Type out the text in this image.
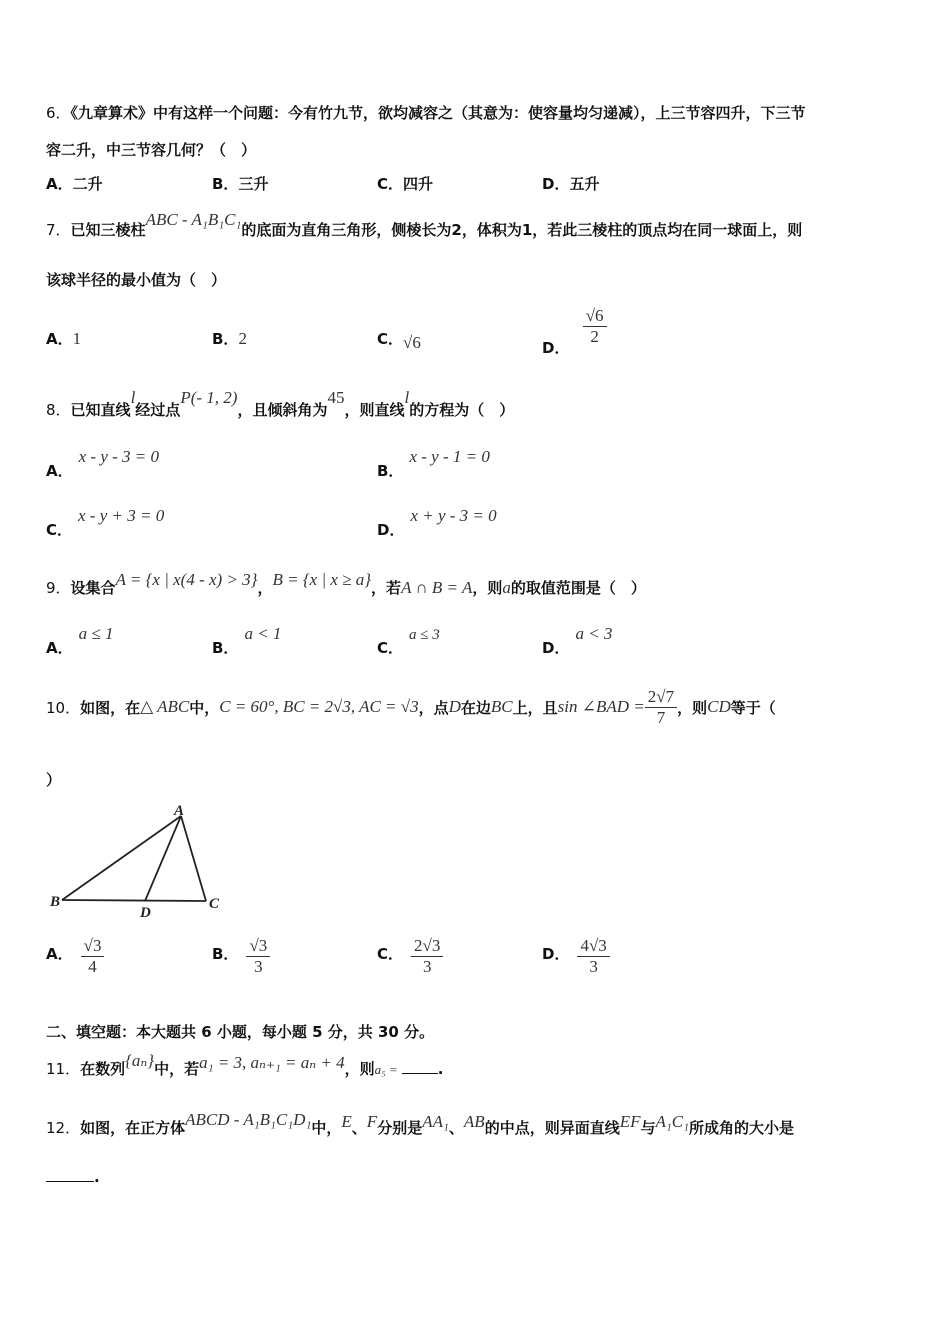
6．《九章算术》中有这样一个问题：今有竹九节，欲均减容之（其意为：使容量均匀递减），上三节容四升，下三节
容二升，中三节容几何？（　）
A．二升	B．三升	C．四升	D．五升
7．已知三棱柱ABC - A₁B₁C₁的底面为直角三角形，侧棱长为2，体积为1，若此三棱柱的顶点均在同一球面上，则
该球半径的最小值为（　）
A．1	B．2	C．√6	D．
$\frac{√6}{2}$
8．已知直线l经过点P(- 1, 2)，且倾斜角为45，则直线l的方程为（　）
A．x - y - 3 = 0
B．x - y - 1 = 0
C．x - y + 3 = 0
D．x + y - 3 = 0
9．设集合A = {x | x(4 - x) > 3}，B = {x | x ≥ a}，若A ∩ B = A，则a的取值范围是（　）
A．a ≤ 1
B．a < 1
C．a ≤ 3
D．a < 3
10． 如图，在 △ ABC 中， C = 60°, BC = 2√3, AC = √3 ，点 D 在边 BC 上，且 sin ∠BAD = $\frac{2√7}{7}$ ，则 CD 等于（
）
A
B	C
D
A． $\frac{√3}{4}$	B． $\frac{√3}{3}$	C． $\frac{2√3}{3}$	D． $\frac{4√3}{3}$
二、填空题：本大题共 6 小题，每小题 5 分，共 30 分。
11．在数列{aₙ}中，若a₁ = 3, aₙ₊₁ = aₙ + 4，则a₅ =	.
12．如图，在正方体ABCD - A₁B₁C₁D₁中，E、F分别是AA₁、AB的中点，则异面直线EF与A₁C₁所成角的大小是
.
